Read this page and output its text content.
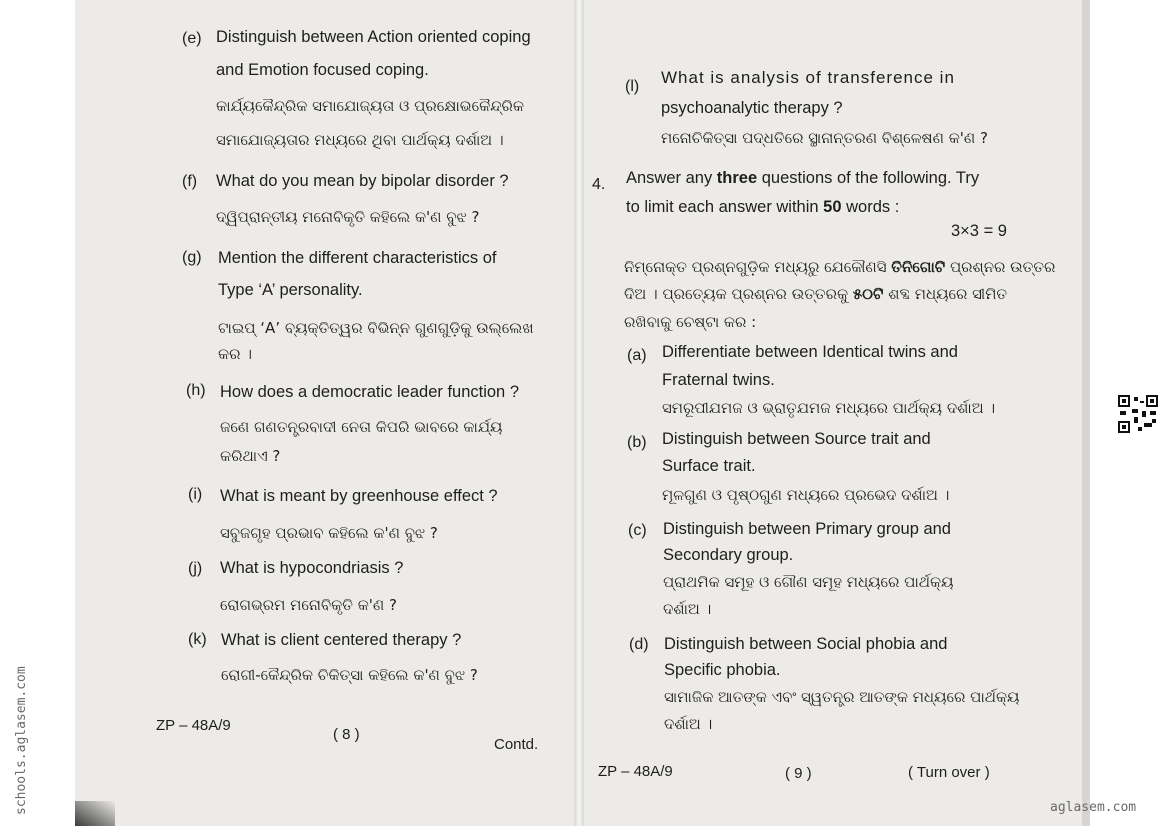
(e) Distinguish between Action oriented coping
and Emotion focused coping.
କାର୍ଯ୍ୟକୈନ୍ଦ୍ରିକ ସମାଯୋଜ୍ୟତା ଓ ପ୍ରକ୍ଷୋଭକୈନ୍ଦ୍ରିକ
ସମାଯୋଜ୍ୟତାର ମଧ୍ୟରେ ଥିବା ପାର୍ଥକ୍ୟ ଦର୍ଶାଅ ।
(f) What do you mean by bipolar disorder ?
ଦ୍ୱିପ୍ରାନ୍ତୀୟ ମନୋବିକୃତି କହିଲେ କ'ଣ ବୁଝ ?
(g) Mention the different characteristics of
Type ‘A’ personality.
ଟାଇପ୍ ‘A’ ବ୍ୟକ୍ତିତ୍ୱର ବିଭିନ୍ନ ଗୁଣଗୁଡ଼ିକୁ ଉଲ୍ଲେଖ
କର ।
(h) How does a democratic leader function ?
ଜଣେ ଗଣତନ୍ତ୍ରବାଦୀ ନେତା କିପରି ଭାବରେ କାର୍ଯ୍ୟ
କରିଥାଏ ?
(i) What is meant by greenhouse effect ?
ସବୁଜଗୃହ ପ୍ରଭାବ କହିଲେ କ'ଣ ବୁଝ ?
(j) What is hypocondriasis ?
ରୋଗଭ୍ରମ ମନୋବିକୃତି କ'ଣ ?
(k) What is client centered therapy ?
ରୋଗୀ-କୈନ୍ଦ୍ରିକ ଚିକିତ୍ସା କହିଲେ କ'ଣ ବୁଝ ?
ZP – 48A/9
( 8 )
Contd.
(l) What is analysis of transference in
psychoanalytic therapy ?
ମନୋଚିକିତ୍ସା ପଦ୍ଧତିରେ ସ୍ଥାନାନ୍ତରଣ ବିଶ୍ଳେଷଣ କ'ଣ ?
4. Answer any three questions of the following. Try
to limit each answer within 50 words :
3×3 = 9
ନିମ୍ନୋକ୍ତ ପ୍ରଶ୍ନଗୁଡ଼ିକ ମଧ୍ୟରୁ ଯେକୌଣସି ତିନିଗୋଟି ପ୍ରଶ୍ନର ଉତ୍ତର
ଦିଅ । ପ୍ରତ୍ୟେକ ପ୍ରଶ୍ନର ଉତ୍ତରକୁ ୫୦ଟି ଶବ୍ଦ ମଧ୍ୟରେ ସୀମିତ
ରଖିବାକୁ ଚେଷ୍ଟା କର :
(a) Differentiate between Identical twins and
Fraternal twins.
ସମରୂପୀଯମଜ ଓ ଭ୍ରାତୃଯମଜ ମଧ୍ୟରେ ପାର୍ଥକ୍ୟ ଦର୍ଶାଅ ।
(b) Distinguish between Source trait and
Surface trait.
ମୂଳଗୁଣ ଓ ପୃଷ୍ଠଗୁଣ ମଧ୍ୟରେ ପ୍ରଭେଦ ଦର୍ଶାଅ ।
(c) Distinguish between Primary group and
Secondary group.
ପ୍ରାଥମିକ ସମୂହ ଓ ଗୌଣ ସମୂହ ମଧ୍ୟରେ ପାର୍ଥକ୍ୟ
ଦର୍ଶାଅ ।
(d) Distinguish between Social phobia and
Specific phobia.
ସାମାଜିକ ଆତଙ୍କ ଏବଂ ସ୍ୱତନ୍ତ୍ର ଆତଙ୍କ ମଧ୍ୟରେ ପାର୍ଥକ୍ୟ
ଦର୍ଶାଅ ।
ZP – 48A/9	( 9 )	( Turn over )
schools.aglasem.com	aglasem.com
